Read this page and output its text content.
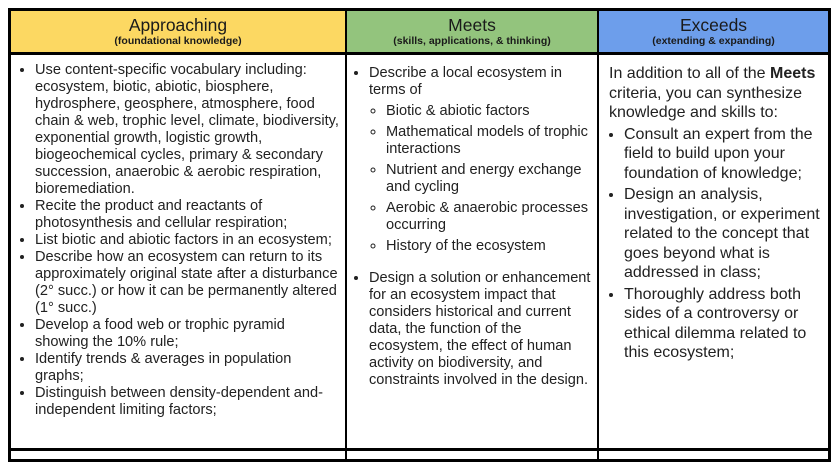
Approaching
(foundational knowledge)
Meets
(skills, applications, & thinking)
Exceeds
(extending & expanding)
• Use content-specific vocabulary including: ecosystem, biotic, abiotic, biosphere, hydrosphere, geosphere, atmosphere, food chain & web, trophic level, climate, biodiversity, exponential growth, logistic growth, biogeochemical cycles, primary & secondary succession, anaerobic & aerobic respiration, bioremediation.
• Recite the product and reactants of photosynthesis and cellular respiration;
• List biotic and abiotic factors in an ecosystem;
• Describe how an ecosystem can return to its approximately original state after a disturbance (2° succ.) or how it can be permanently altered (1° succ.)
• Develop a food web or trophic pyramid showing the 10% rule;
• Identify trends & averages in population graphs;
• Distinguish between density-dependent and-independent limiting factors;
• Describe a local ecosystem in terms of
◦ Biotic & abiotic factors
◦ Mathematical models of trophic interactions
◦ Nutrient and energy exchange and cycling
◦ Aerobic & anaerobic processes occurring
◦ History of the ecosystem
• Design a solution or enhancement for an ecosystem impact that considers historical and current data, the function of the ecosystem, the effect of human activity on biodiversity, and constraints involved in the design.

In addition to all of the Meets criteria, you can synthesize knowledge and skills to:

• Consult an expert from the field to build upon your foundation of knowledge;
• Design an analysis, investigation, or experiment related to the concept that goes beyond what is addressed in class;
• Thoroughly address both sides of a controversy or ethical dilemma related to this ecosystem;
